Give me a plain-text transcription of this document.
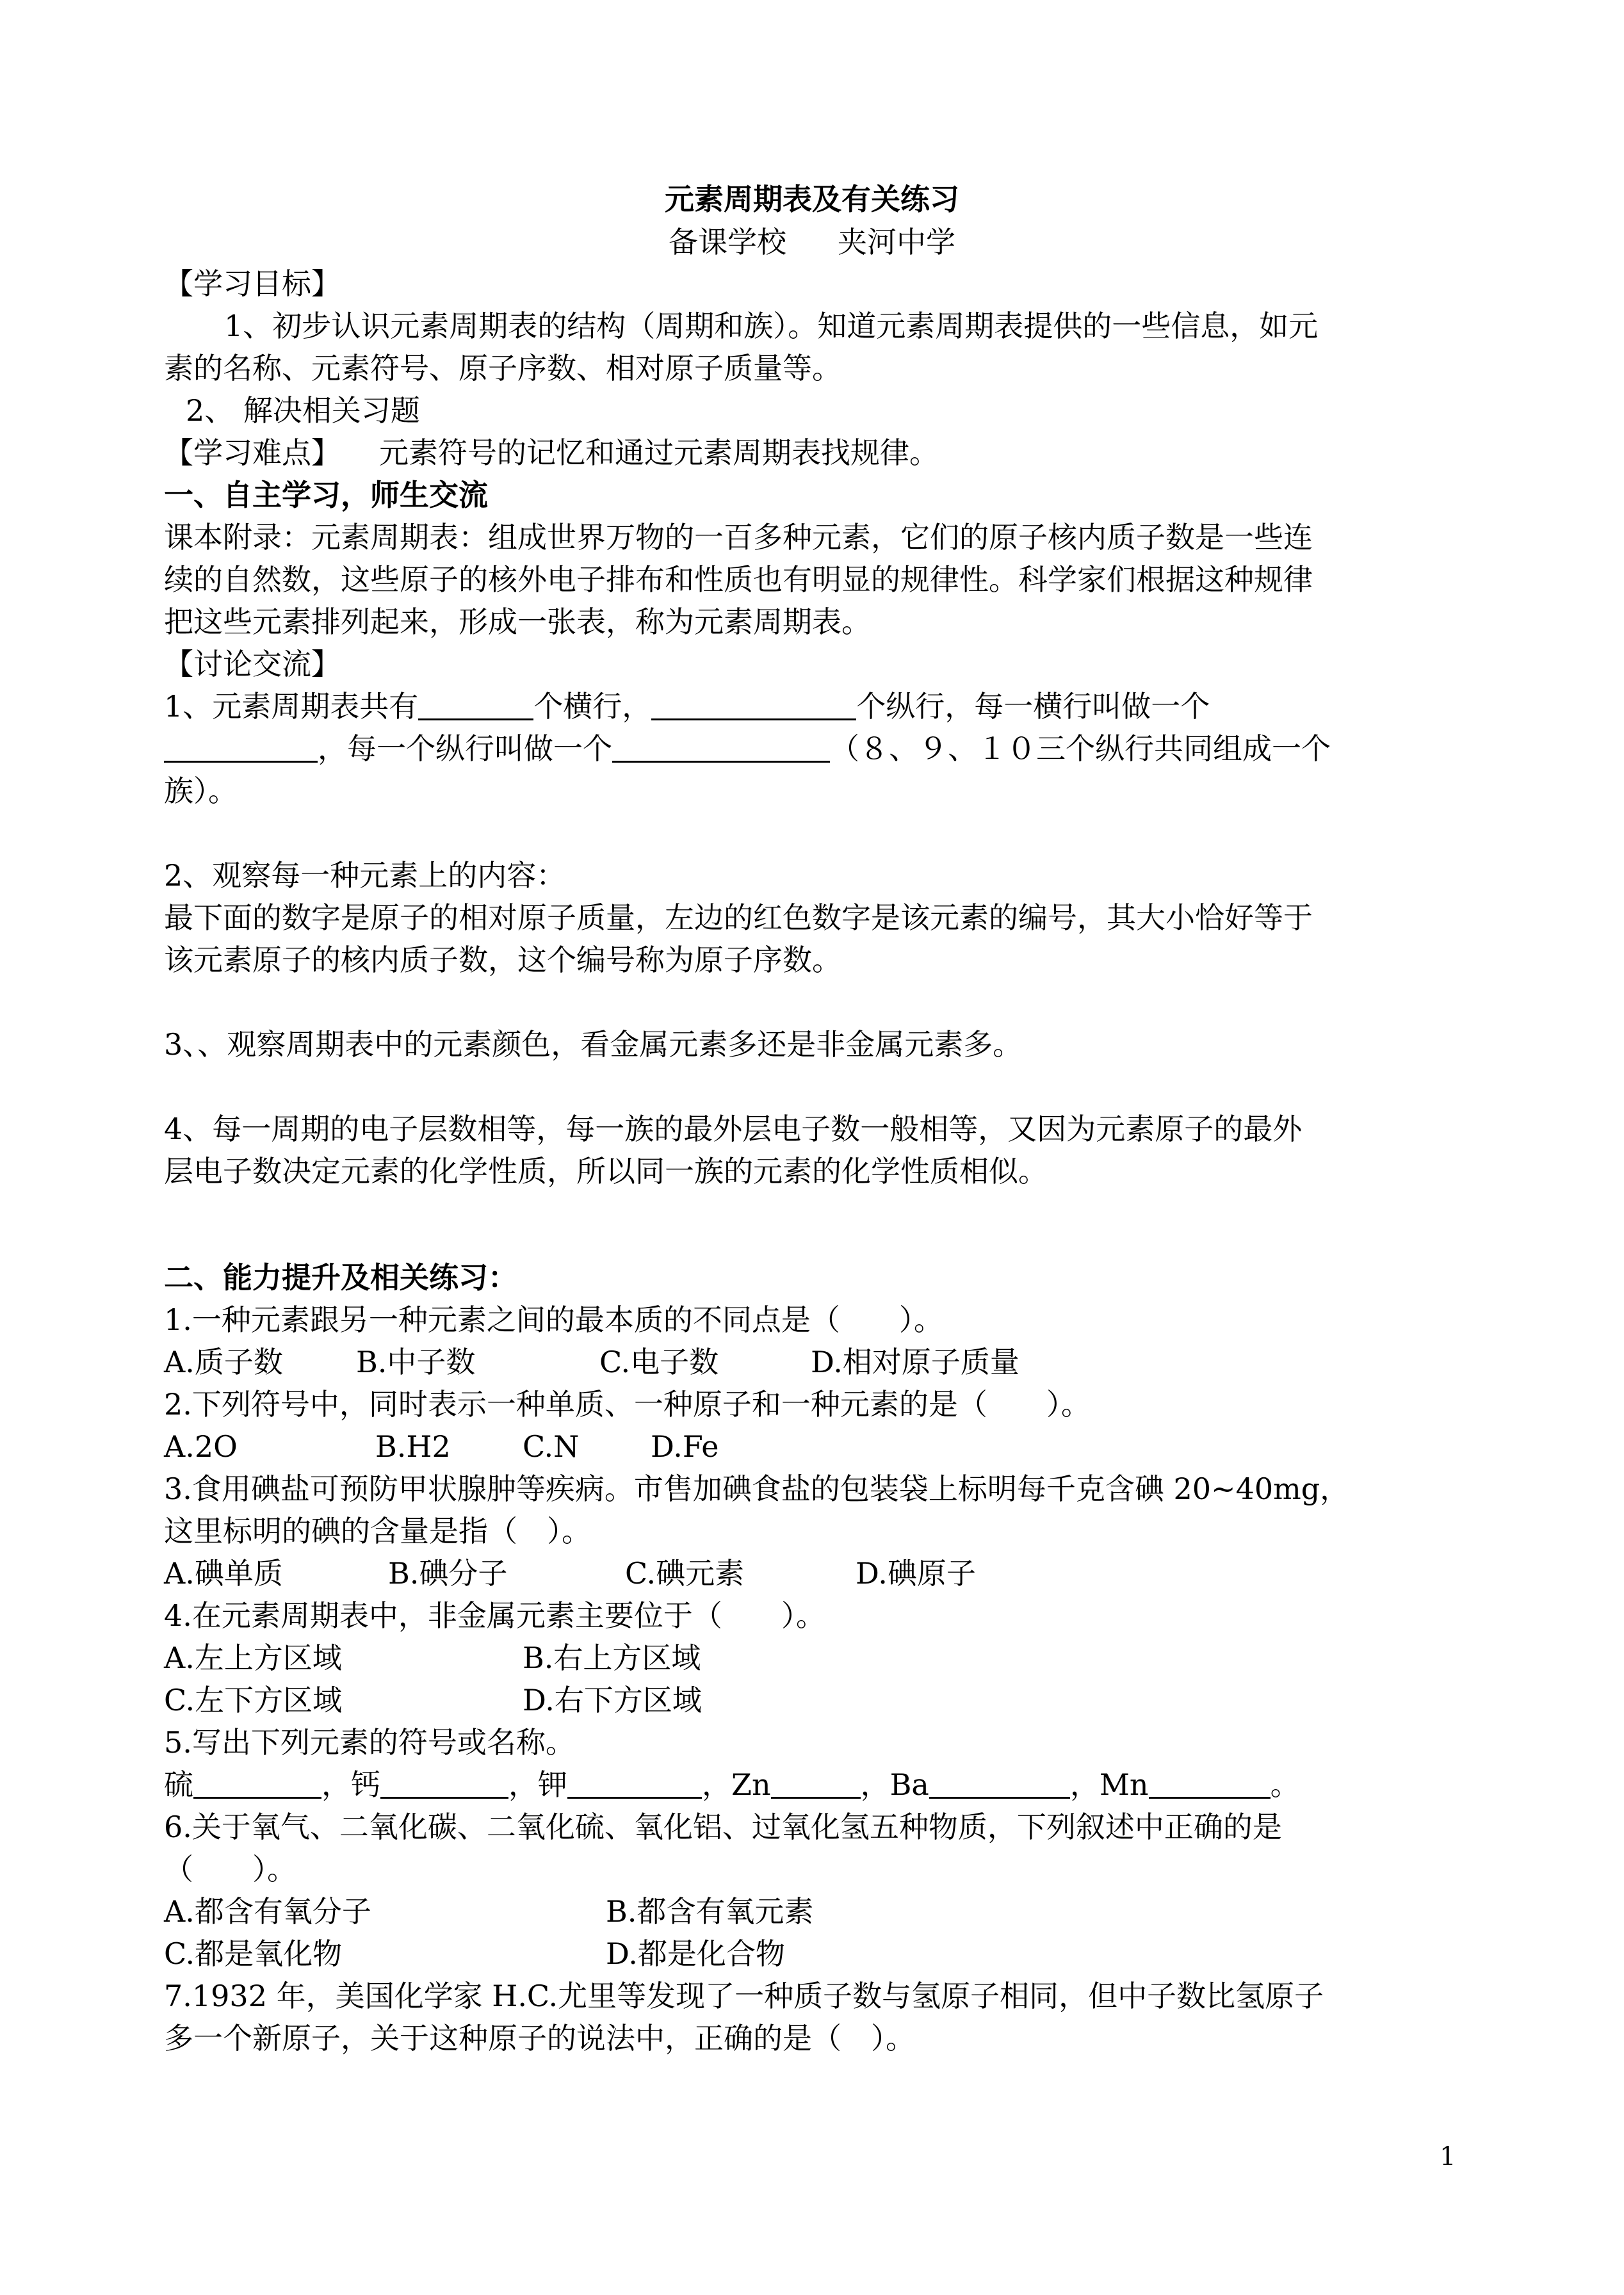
元素周期表及有关练习
备课学校 夹河中学
【学习目标】
1、初步认识元素周期表的结构（周期和族）。知道元素周期表提供的一些信息，如元
素的名称、元素符号、原子序数、相对原子质量等。
2、 解决相关习题
【学习难点】 元素符号的记忆和通过元素周期表找规律。
一、自主学习，师生交流
课本附录：元素周期表：组成世界万物的一百多种元素，它们的原子核内质子数是一些连
续的自然数，这些原子的核外电子排布和性质也有明显的规律性。科学家们根据这种规律
把这些元素排列起来，形成一张表，称为元素周期表。
【讨论交流】
1、元素周期表共有	个横行，	个纵行，每一横行叫做一个
，每一个纵行叫做一个	（８、９、１０三个纵行共同组成一个
族）。
2、观察每一种元素上的内容：
最下面的数字是原子的相对原子质量，左边的红色数字是该元素的编号，其大小恰好等于
该元素原子的核内质子数，这个编号称为原子序数。
3、、观察周期表中的元素颜色，看金属元素多还是非金属元素多。
4、每一周期的电子层数相等，每一族的最外层电子数一般相等，又因为元素原子的最外
层电子数决定元素的化学性质，所以同一族的元素的化学性质相似。
二、能力提升及相关练习：
1.一种元素跟另一种元素之间的最本质的不同点是（　　）。
A.质子数 B.中子数	C.电子数	D.相对原子质量
2.下列符号中，同时表示一种单质、一种原子和一种元素的是（　　）。
A.2O	B.H2 C.N D.Fe
3.食用碘盐可预防甲状腺肿等疾病。市售加碘食盐的包装袋上标明每千克含碘 20~40mg，
这里标明的碘的含量是指（　）。
A.碘单质	B.碘分子	C.碘元素	D.碘原子
4.在元素周期表中，非金属元素主要位于（　　）。
A.左上方区域	B.右上方区域
C.左下方区域	D.右下方区域
5.写出下列元素的符号或名称。
硫	，钙	，钾	，Zn	，Ba	，Mn	。
6.关于氧气、二氧化碳、二氧化硫、氧化铝、过氧化氢五种物质，下列叙述中正确的是
（　　）。
A.都含有氧分子	B.都含有氧元素
C.都是氧化物	D.都是化合物
7.1932 年，美国化学家 H.C.尤里等发现了一种质子数与氢原子相同，但中子数比氢原子
多一个新原子，关于这种原子的说法中，正确的是（　）。
1
